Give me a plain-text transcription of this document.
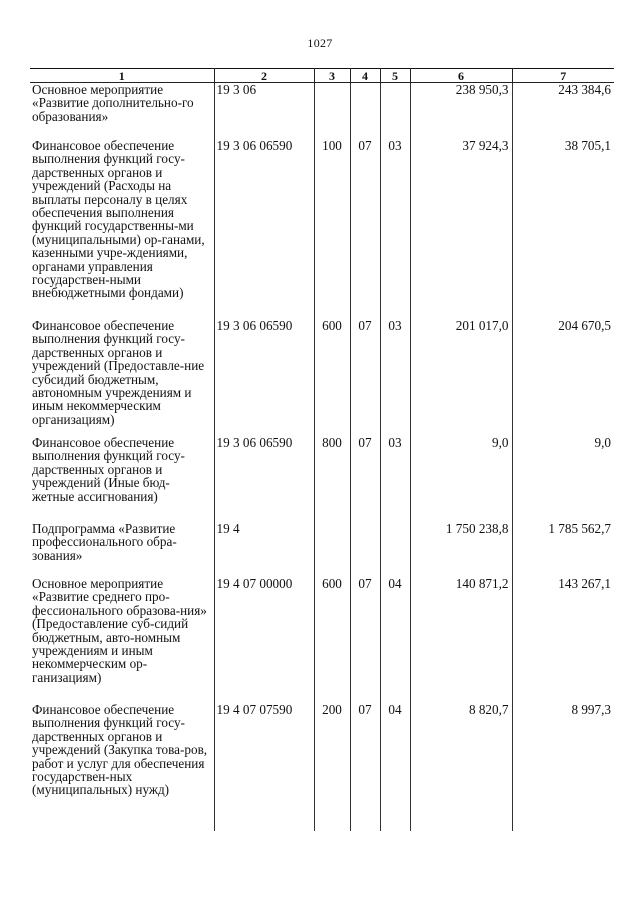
1027
1	2	3	4	5	6	7
Основное мероприятие «Развитие дополнительно-го образования»	19 3 06				238 950,3	243 384,6
Финансовое обеспечение выполнения функций госу-дарственных органов и учреждений (Расходы на выплаты персоналу в целях обеспечения выполнения функций государственны-ми (муниципальными) ор-ганами, казенными учре-ждениями, органами управления государствен-ными внебюджетными фондами)	19 3 06 06590	100	07	03	37 924,3	38 705,1
Финансовое обеспечение выполнения функций госу-дарственных органов и учреждений (Предоставле-ние субсидий бюджетным, автономным учреждениям и иным некоммерческим организациям)	19 3 06 06590	600	07	03	201 017,0	204 670,5
Финансовое обеспечение выполнения функций госу-дарственных органов и учреждений (Иные бюд-жетные ассигнования)	19 3 06 06590	800	07	03	9,0	9,0
Подпрограмма «Развитие профессионального обра-зования»	19 4				1 750 238,8	1 785 562,7
Основное мероприятие «Развитие среднего про-фессионального образова-ния» (Предоставление суб-сидий бюджетным, авто-номным учреждениям и иным некоммерческим ор-ганизациям)	19 4 07 00000	600	07	04	140 871,2	143 267,1
Финансовое обеспечение выполнения функций госу-дарственных органов и учреждений (Закупка това-ров, работ и услуг для обеспечения государствен-ных (муниципальных) нужд)	19 4 07 07590	200	07	04	8 820,7	8 997,3
